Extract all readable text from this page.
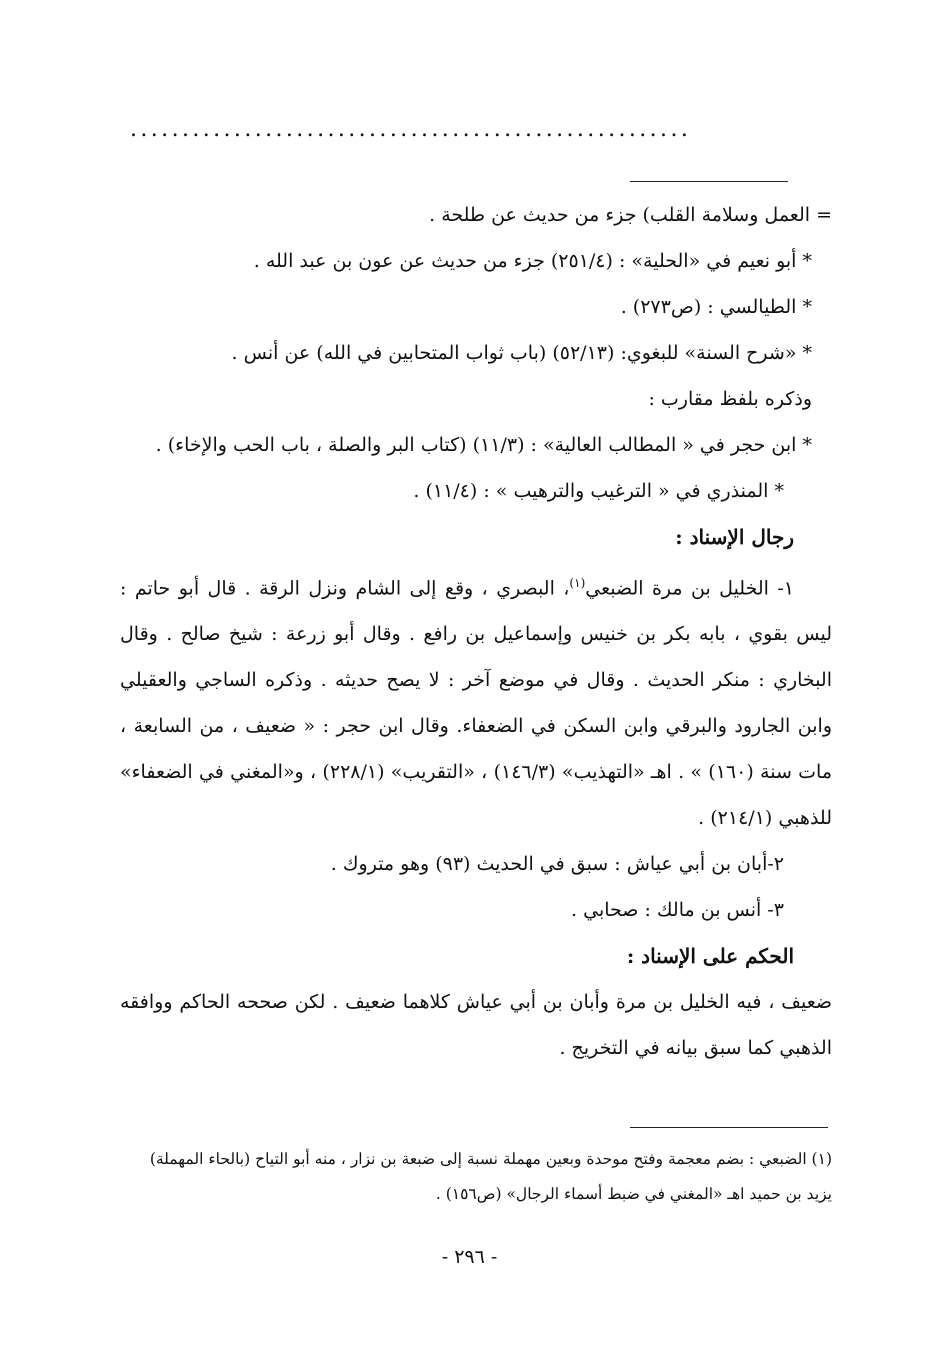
......................................................
= العمل وسلامة القلب) جزء من حديث عن طلحة .
* أبو نعيم في «الحلية» : (٢٥١/٤) جزء من حديث عن عون بن عبد الله .
* الطيالسي : (ص٢٧٣) .
* «شرح السنة» للبغوي: (٥٢/١٣) (باب ثواب المتحابين في الله) عن أنس .
وذكره بلفظ مقارب :
* ابن حجر في « المطالب العالية» : (١١/٣) (كتاب البر والصلة ، باب الحب والإخاء) .
* المنذري في « الترغيب والترهيب » : (١١/٤) .
رجال الإسناد :
١- الخليل بن مرة الضبعي$^{(١)}$، البصري ، وقع إلى الشام ونزل الرقة . قال أبو حاتم : ليس بقوي ، بابه بكر بن خنيس وإسماعيل بن رافع . وقال أبو زرعة : شيخ صالح . وقال البخاري : منكر الحديث . وقال في موضع آخر : لا يصح حديثه . وذكره الساجي والعقيلي وابن الجارود والبرقي وابن السكن في الضعفاء. وقال ابن حجر : « ضعيف ، من السابعة ، مات سنة (١٦٠) » . اهـ «التهذيب» (١٤٦/٣) ، «التقريب» (٢٢٨/١) ، و«المغني في الضعفاء» للذهبي (٢١٤/١) .
٢-أبان بن أبي عياش : سبق في الحديث (٩٣) وهو متروك .
٣- أنس بن مالك : صحابي .
الحكم على الإسناد :
ضعيف ، فيه الخليل بن مرة وأبان بن أبي عياش كلاهما ضعيف . لكن صححه الحاكم ووافقه الذهبي كما سبق بيانه في التخريج .
(١) الضبعي : بضم معجمة وفتح موحدة وبعين مهملة نسبة إلى ضبعة بن نزار ، منه أبو التياح (بالحاء المهملة) يزيد بن حميد اهـ «المغني في ضبط أسماء الرجال» (ص١٥٦) .
- ٢٩٦ -
